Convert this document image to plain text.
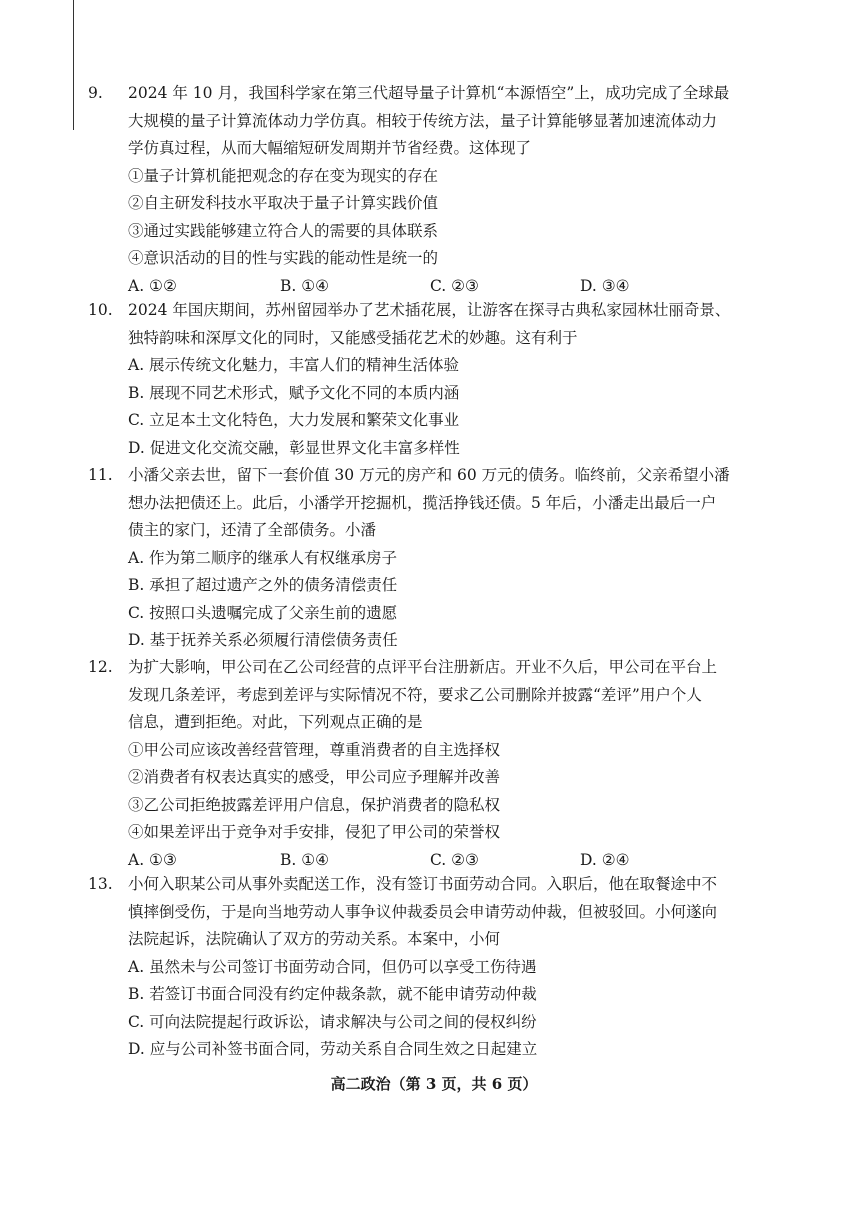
9. 2024 年 10 月，我国科学家在第三代超导量子计算机“本源悟空”上，成功完成了全球最
大规模的量子计算流体动力学仿真。相较于传统方法，量子计算能够显著加速流体动力
学仿真过程，从而大幅缩短研发周期并节省经费。这体现了
①量子计算机能把观念的存在变为现实的存在
②自主研发科技水平取决于量子计算实践价值
③通过实践能够建立符合人的需要的具体联系
④意识活动的目的性与实践的能动性是统一的
A. ①②	B. ①④	C. ②③	D. ③④
10. 2024 年国庆期间，苏州留园举办了艺术插花展，让游客在探寻古典私家园林壮丽奇景、
独特韵味和深厚文化的同时，又能感受插花艺术的妙趣。这有利于
A. 展示传统文化魅力，丰富人们的精神生活体验
B. 展现不同艺术形式，赋予文化不同的本质内涵
C. 立足本土文化特色，大力发展和繁荣文化事业
D. 促进文化交流交融，彰显世界文化丰富多样性
11. 小潘父亲去世，留下一套价值 30 万元的房产和 60 万元的债务。临终前，父亲希望小潘
想办法把债还上。此后，小潘学开挖掘机，揽活挣钱还债。5 年后，小潘走出最后一户
债主的家门，还清了全部债务。小潘
A. 作为第二顺序的继承人有权继承房子
B. 承担了超过遗产之外的债务清偿责任
C. 按照口头遗嘱完成了父亲生前的遗愿
D. 基于抚养关系必须履行清偿债务责任
12. 为扩大影响，甲公司在乙公司经营的点评平台注册新店。开业不久后，甲公司在平台上
发现几条差评，考虑到差评与实际情况不符，要求乙公司删除并披露“差评”用户个人
信息，遭到拒绝。对此，下列观点正确的是
①甲公司应该改善经营管理，尊重消费者的自主选择权
②消费者有权表达真实的感受，甲公司应予理解并改善
③乙公司拒绝披露差评用户信息，保护消费者的隐私权
④如果差评出于竞争对手安排，侵犯了甲公司的荣誉权
A. ①③	B. ①④	C. ②③	D. ②④
13. 小何入职某公司从事外卖配送工作，没有签订书面劳动合同。入职后，他在取餐途中不
慎摔倒受伤，于是向当地劳动人事争议仲裁委员会申请劳动仲裁，但被驳回。小何遂向
法院起诉，法院确认了双方的劳动关系。本案中，小何
A. 虽然未与公司签订书面劳动合同，但仍可以享受工伤待遇
B. 若签订书面合同没有约定仲裁条款，就不能申请劳动仲裁
C. 可向法院提起行政诉讼，请求解决与公司之间的侵权纠纷
D. 应与公司补签书面合同，劳动关系自合同生效之日起建立
高二政治（第 3 页，共 6 页）
